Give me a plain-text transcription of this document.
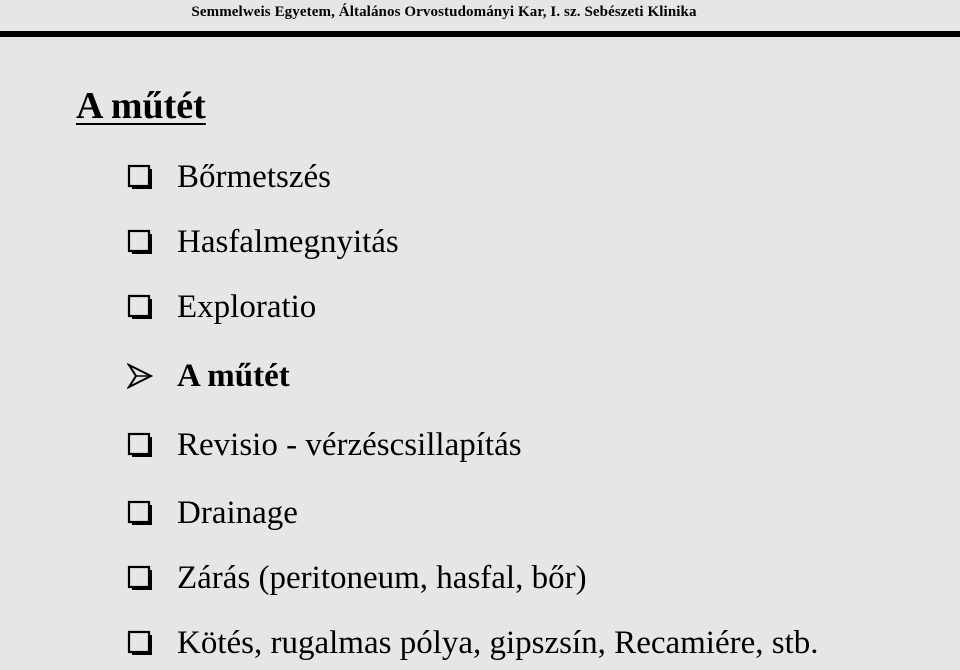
Semmelweis Egyetem, Általános Orvostudományi Kar, I. sz. Sebészeti Klinika
A műtét
Bőrmetszés
Hasfalmegnyitás
Exploratio
A műtét
Revisio - vérzéscsillapítás
Drainage
Zárás (peritoneum, hasfal, bőr)
Kötés, rugalmas pólya, gipszsín, Recamiére, stb.
